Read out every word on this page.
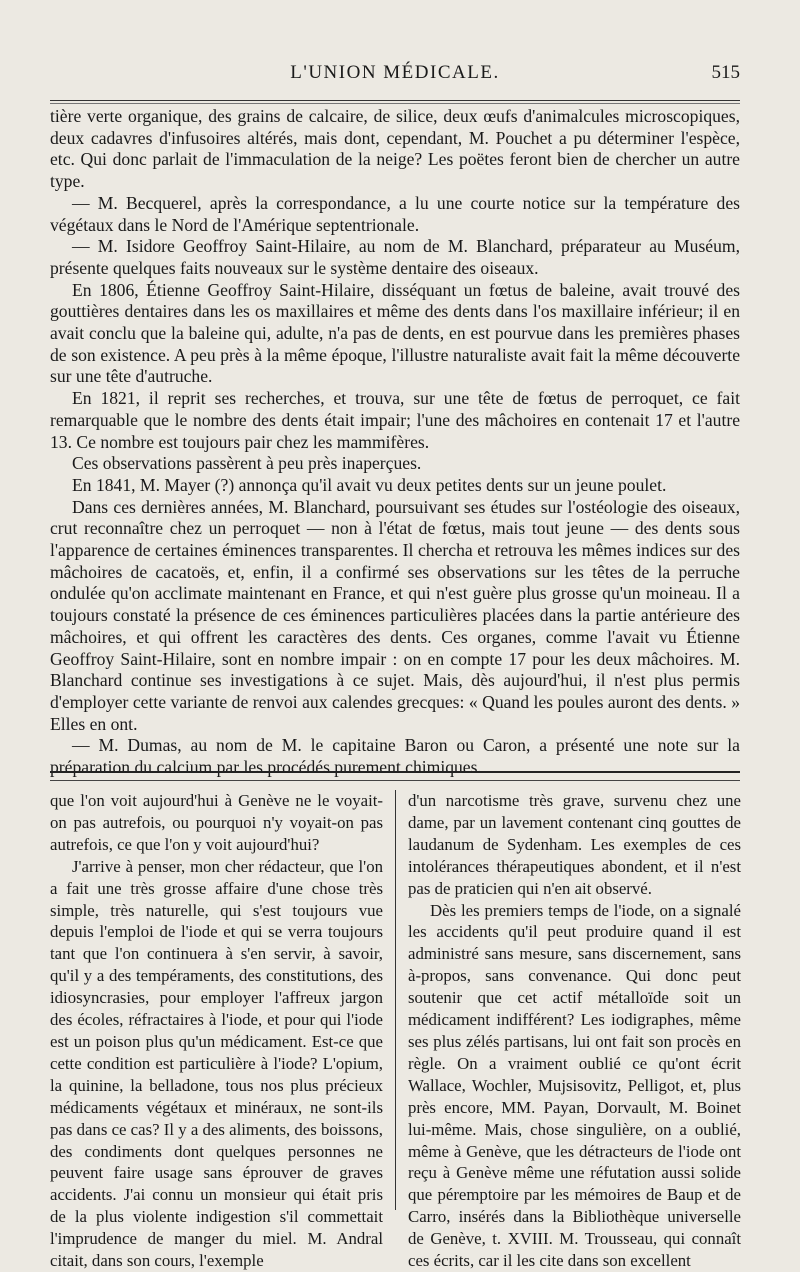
L'UNION MÉDICALE.	515

tière verte organique, des grains de calcaire, de silice, deux œufs d'animalcules microscopiques, deux cadavres d'infusoires altérés, mais dont, cependant, M. Pouchet a pu déterminer l'espèce, etc. Qui donc parlait de l'immaculation de la neige? Les poëtes feront bien de chercher un autre type.

— M. Becquerel, après la correspondance, a lu une courte notice sur la température des végétaux dans le Nord de l'Amérique septentrionale.

— M. Isidore Geoffroy Saint-Hilaire, au nom de M. Blanchard, préparateur au Muséum, présente quelques faits nouveaux sur le système dentaire des oiseaux.

En 1806, Étienne Geoffroy Saint-Hilaire, disséquant un fœtus de baleine, avait trouvé des gouttières dentaires dans les os maxillaires et même des dents dans l'os maxillaire inférieur; il en avait conclu que la baleine qui, adulte, n'a pas de dents, en est pourvue dans les premières phases de son existence. A peu près à la même époque, l'illustre naturaliste avait fait la même découverte sur une tête d'autruche.

En 1821, il reprit ses recherches, et trouva, sur une tête de fœtus de perroquet, ce fait remarquable que le nombre des dents était impair; l'une des mâchoires en contenait 17 et l'autre 13. Ce nombre est toujours pair chez les mammifères.

Ces observations passèrent à peu près inaperçues.

En 1841, M. Mayer (?) annonça qu'il avait vu deux petites dents sur un jeune poulet.

Dans ces dernières années, M. Blanchard, poursuivant ses études sur l'ostéologie des oiseaux, crut reconnaître chez un perroquet — non à l'état de fœtus, mais tout jeune — des dents sous l'apparence de certaines éminences transparentes. Il chercha et retrouva les mêmes indices sur des mâchoires de cacatoës, et, enfin, il a confirmé ses observations sur les têtes de la perruche ondulée qu'on acclimate maintenant en France, et qui n'est guère plus grosse qu'un moineau. Il a toujours constaté la présence de ces éminences particulières placées dans la partie antérieure des mâchoires, et qui offrent les caractères des dents. Ces organes, comme l'avait vu Étienne Geoffroy Saint-Hilaire, sont en nombre impair : on en compte 17 pour les deux mâchoires. M. Blanchard continue ses investigations à ce sujet. Mais, dès aujourd'hui, il n'est plus permis d'employer cette variante de renvoi aux calendes grecques: « Quand les poules auront des dents. » Elles en ont.

— M. Dumas, au nom de M. le capitaine Baron ou Caron, a présenté une note sur la préparation du calcium par les procédés purement chimiques.

que l'on voit aujourd'hui à Genève ne le voyait-on pas autrefois, ou pourquoi n'y voyait-on pas autrefois, ce que l'on y voit aujourd'hui?

J'arrive à penser, mon cher rédacteur, que l'on a fait une très grosse affaire d'une chose très simple, très naturelle, qui s'est toujours vue depuis l'emploi de l'iode et qui se verra toujours tant que l'on continuera à s'en servir, à savoir, qu'il y a des tempéraments, des constitutions, des idiosyncrasies, pour employer l'affreux jargon des écoles, réfractaires à l'iode, et pour qui l'iode est un poison plus qu'un médicament. Est-ce que cette condition est particulière à l'iode? L'opium, la quinine, la belladone, tous nos plus précieux médicaments végétaux et minéraux, ne sont-ils pas dans ce cas? Il y a des aliments, des boissons, des condiments dont quelques personnes ne peuvent faire usage sans éprouver de graves accidents. J'ai connu un monsieur qui était pris de la plus violente indigestion s'il commettait l'imprudence de manger du miel. M. Andral citait, dans son cours, l'exemple

d'un narcotisme très grave, survenu chez une dame, par un lavement contenant cinq gouttes de laudanum de Sydenham. Les exemples de ces intolérances thérapeutiques abondent, et il n'est pas de praticien qui n'en ait observé.

Dès les premiers temps de l'iode, on a signalé les accidents qu'il peut produire quand il est administré sans mesure, sans discernement, sans à-propos, sans convenance. Qui donc peut soutenir que cet actif métalloïde soit un médicament indifférent? Les iodigraphes, même ses plus zélés partisans, lui ont fait son procès en règle. On a vraiment oublié ce qu'ont écrit Wallace, Wochler, Mujsisovitz, Pelligot, et, plus près encore, MM. Payan, Dorvault, M. Boinet lui-même. Mais, chose singulière, on a oublié, même à Genève, que les détracteurs de l'iode ont reçu à Genève même une réfutation aussi solide que péremptoire par les mémoires de Baup et de Carro, insérés dans la Bibliothèque universelle de Genève, t. XVIII. M. Trousseau, qui connaît ces écrits, car il les cite dans son excellent
